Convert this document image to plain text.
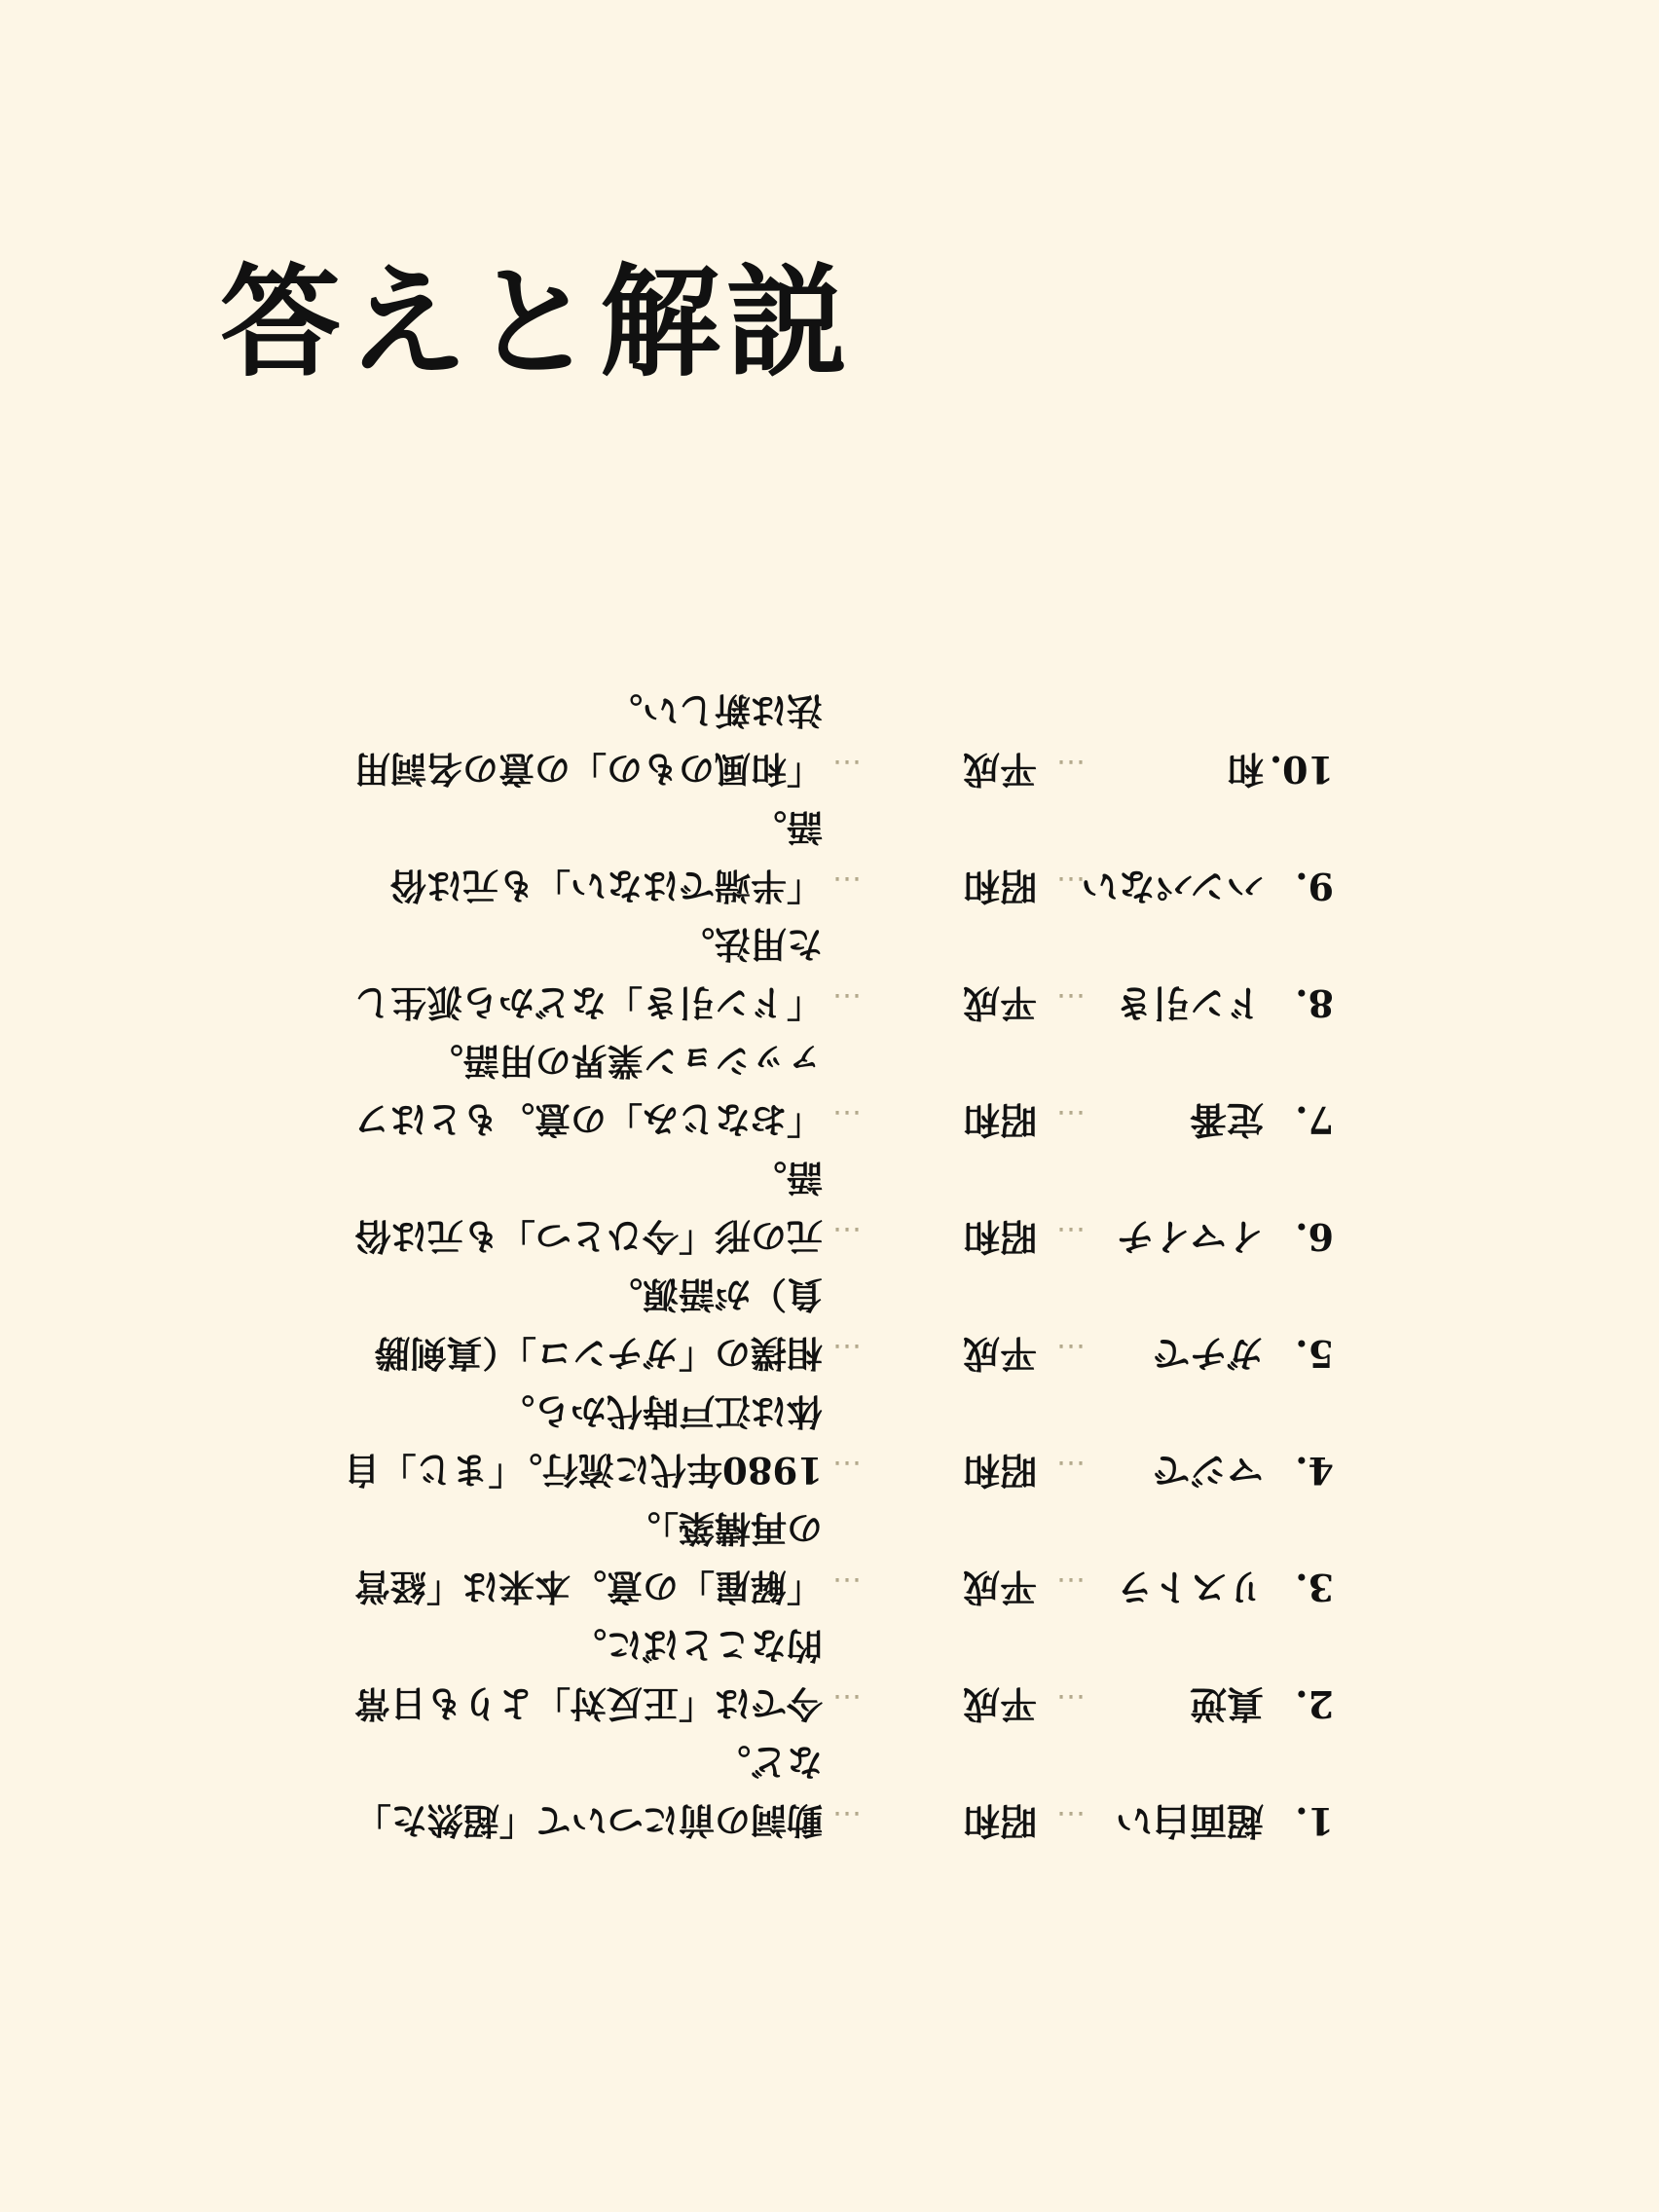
答えと解説
1.
超面白い
…
昭和
…
動詞の前について「超然た」など。
2.
真逆
…
平成
…
今では「正反対」よりも日常的なことばに。
3.
リストラ
…
平成
…
「解雇」の意。本来は「経営の再構築」。
4.
マジで
…
昭和
…
1980年代に流行。「まじ」自体は江戸時代から。
5.
ガチで
…
平成
…
相撲の「ガチンコ」（真剣勝負）が語源。
6.
イマイチ
…
昭和
…
元の形「今ひとつ」も元は俗語。
7.
定番
…
昭和
…
「おなじみ」の意。もとはファッション業界の用語。
8.
ドン引き
…
平成
…
「ドン引き」などから派生した用法。
9.
ハンパない
…
昭和
…
「半端ではない」も元は俗語。
10.
和
…
平成
…
「和風のもの」の意の名詞用法は新しい。
